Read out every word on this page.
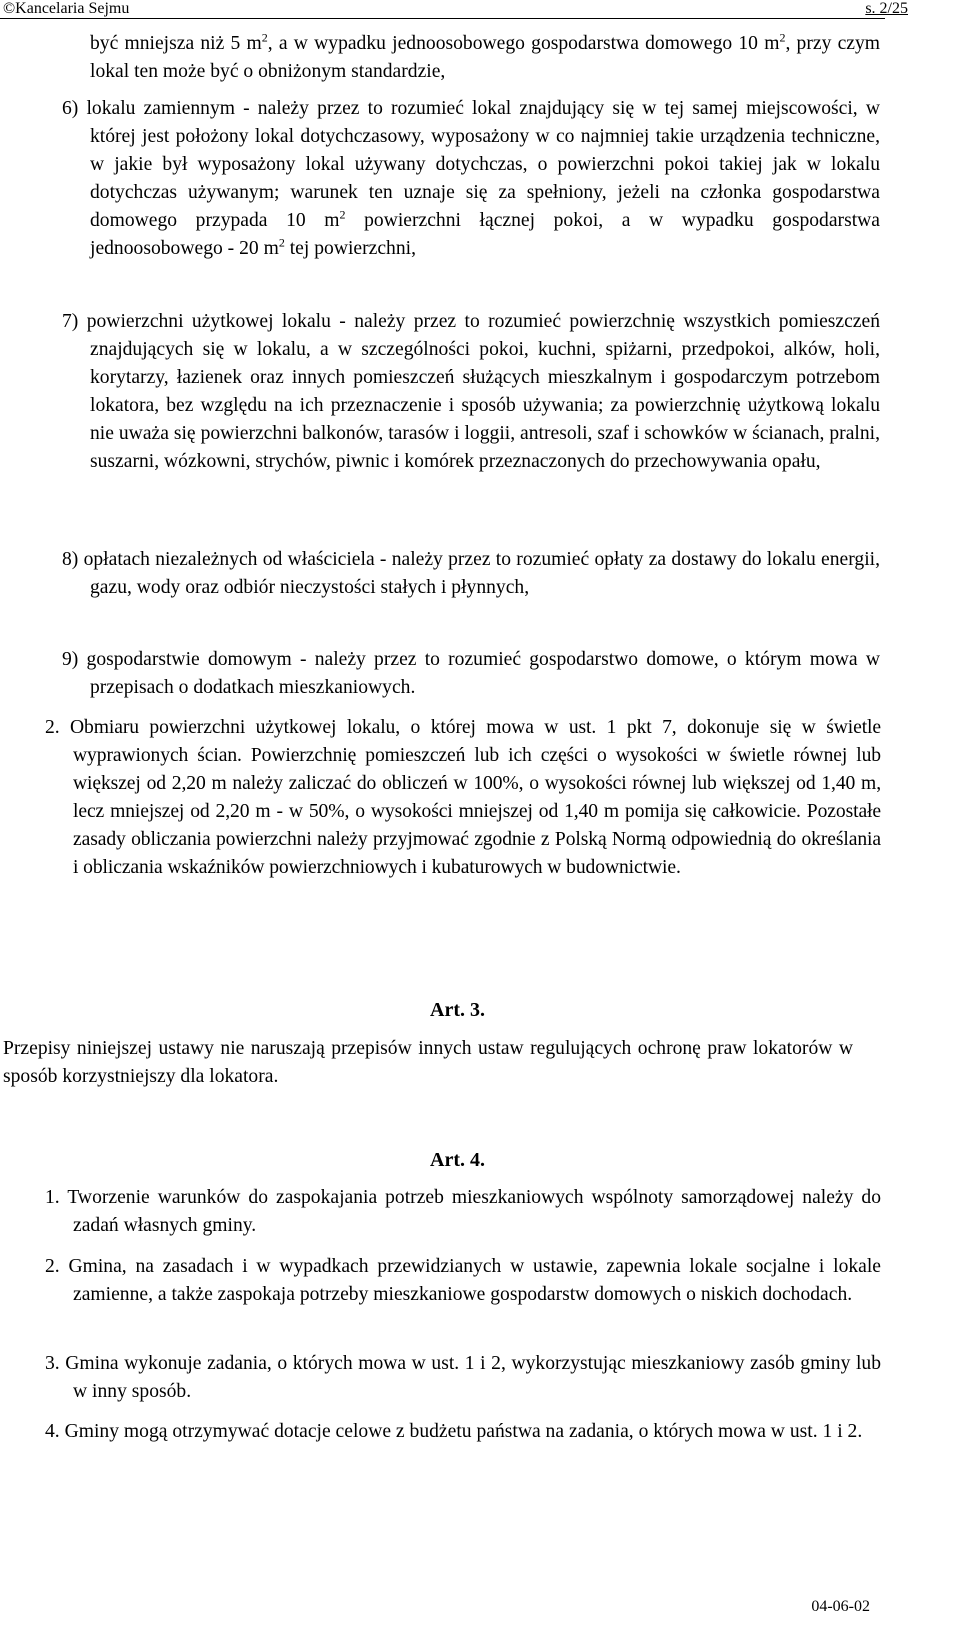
©Kancelaria Sejmu	s. 2/25

być mniejsza niż 5 $m^2$, a w wypadku jednoosobowego gospodarstwa domowego 10 $m^2$, przy czym lokal ten może być o obniżonym standardzie,

6) lokalu zamiennym - należy przez to rozumieć lokal znajdujący się w tej samej miejscowości, w której jest położony lokal dotychczasowy, wyposażony w co najmniej takie urządzenia techniczne, w jakie był wyposażony lokal używany dotychczas, o powierzchni pokoi takiej jak w lokalu dotychczas używanym; warunek ten uznaje się za spełniony, jeżeli na członka gospodarstwa domowego przypada 10 $m^2$ powierzchni łącznej pokoi, a w wypadku gospodarstwa jednoosobowego - 20 $m^2$ tej powierzchni,

7) powierzchni użytkowej lokalu - należy przez to rozumieć powierzchnię wszystkich pomieszczeń znajdujących się w lokalu, a w szczególności pokoi, kuchni, spiżarni, przedpokoi, alków, holi, korytarzy, łazienek oraz innych pomieszczeń służących mieszkalnym i gospodarczym potrzebom lokatora, bez względu na ich przeznaczenie i sposób używania; za powierzchnię użytkową lokalu nie uważa się powierzchni balkonów, tarasów i loggii, antresoli, szaf i schowków w ścianach, pralni, suszarni, wózkowni, strychów, piwnic i komórek przeznaczonych do przechowywania opału,

8) opłatach niezależnych od właściciela - należy przez to rozumieć opłaty za dostawy do lokalu energii, gazu, wody oraz odbiór nieczystości stałych i płynnych,

9) gospodarstwie domowym - należy przez to rozumieć gospodarstwo domowe, o którym mowa w przepisach o dodatkach mieszkaniowych.

2. Obmiaru powierzchni użytkowej lokalu, o której mowa w ust. 1 pkt 7, dokonuje się w świetle wyprawionych ścian. Powierzchnię pomieszczeń lub ich części o wysokości w świetle równej lub większej od 2,20 m należy zaliczać do obliczeń w 100%, o wysokości równej lub większej od 1,40 m, lecz mniejszej od 2,20 m - w 50%, o wysokości mniejszej od 1,40 m pomija się całkowicie. Pozostałe zasady obliczania powierzchni należy przyjmować zgodnie z Polską Normą odpowiednią do określania i obliczania wskaźników powierzchniowych i kubaturowych w budownictwie.

Art. 3.

Przepisy niniejszej ustawy nie naruszają przepisów innych ustaw regulujących ochronę praw lokatorów w sposób korzystniejszy dla lokatora.

Art. 4.

1. Tworzenie warunków do zaspokajania potrzeb mieszkaniowych wspólnoty samorządowej należy do zadań własnych gminy.

2. Gmina, na zasadach i w wypadkach przewidzianych w ustawie, zapewnia lokale socjalne i lokale zamienne, a także zaspokaja potrzeby mieszkaniowe gospodarstw domowych o niskich dochodach.

3. Gmina wykonuje zadania, o których mowa w ust. 1 i 2, wykorzystując mieszkaniowy zasób gminy lub w inny sposób.

4. Gminy mogą otrzymywać dotacje celowe z budżetu państwa na zadania, o których mowa w ust. 1 i 2.

04-06-02
